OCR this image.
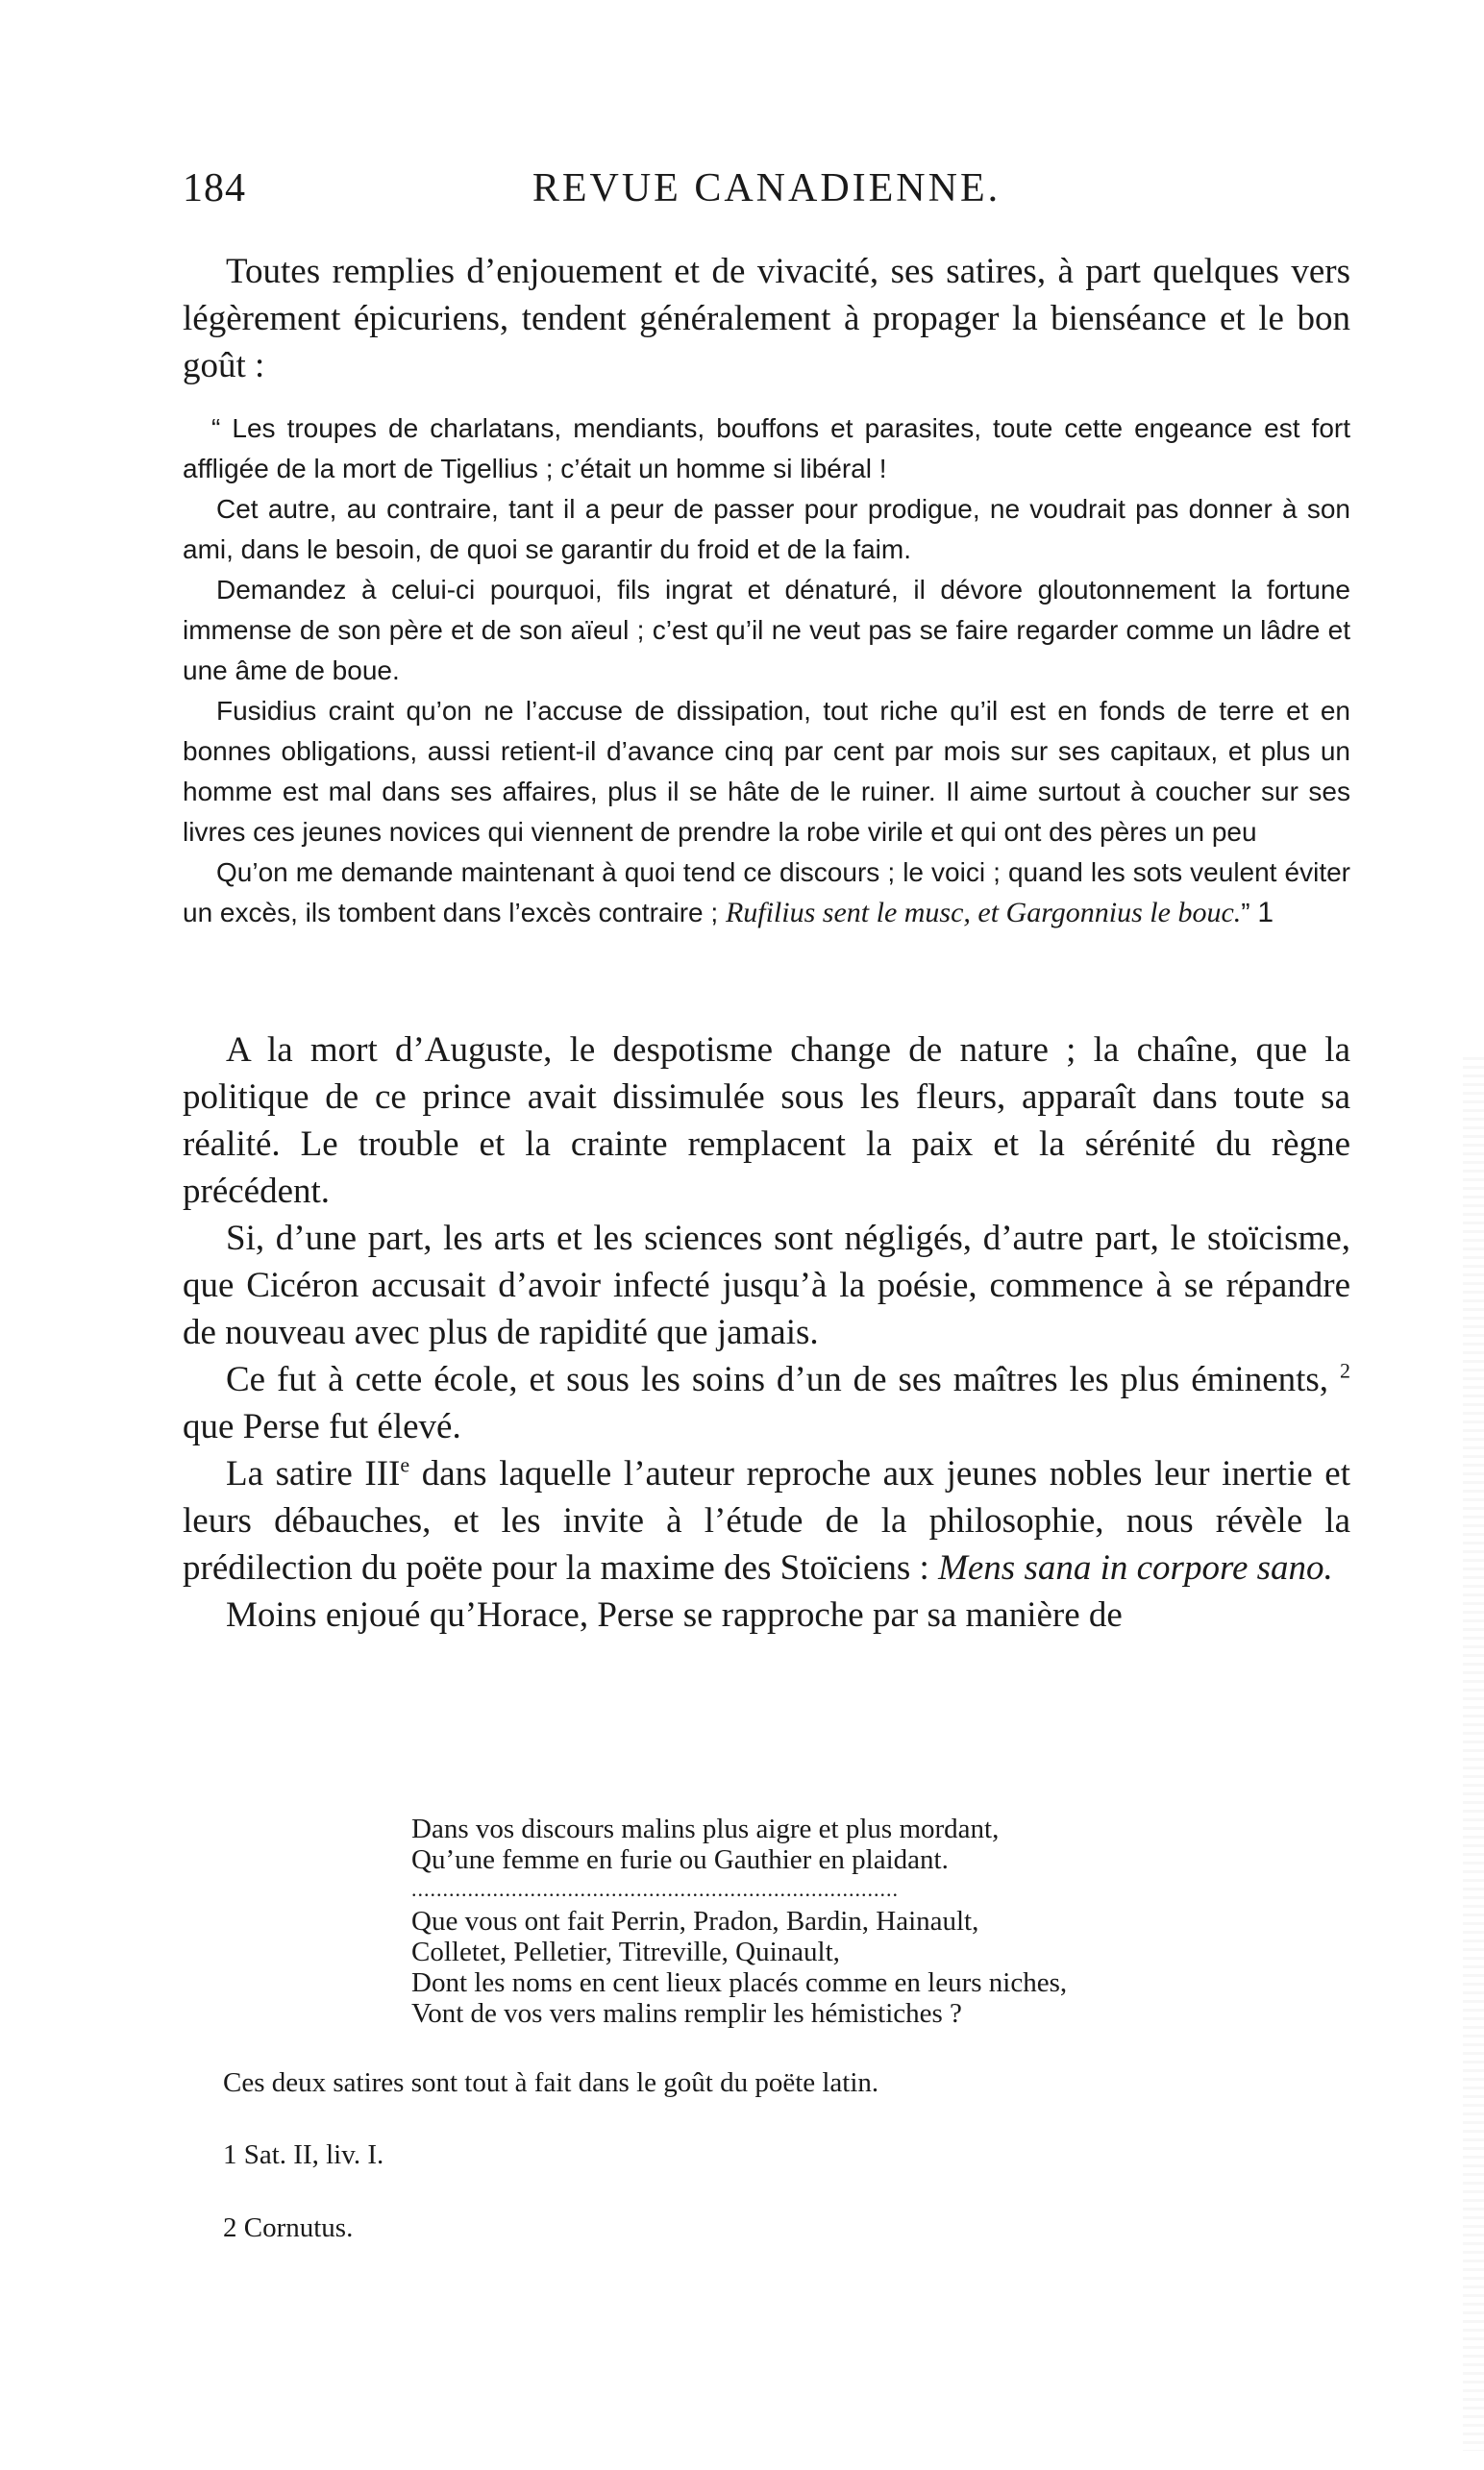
184	REVUE CANADIENNE.

Toutes remplies d’enjouement et de vivacité, ses satires, à part quelques vers légèrement épicuriens, tendent généralement à propager la bienséance et le bon goût :

“ Les troupes de charlatans, mendiants, bouffons et parasites, toute cette engeance est fort affligée de la mort de Tigellius ; c’était un homme si libéral !

Cet autre, au contraire, tant il a peur de passer pour prodigue, ne voudrait pas donner à son ami, dans le besoin, de quoi se garantir du froid et de la faim.

Demandez à celui-ci pourquoi, fils ingrat et dénaturé, il dévore gloutonnement la fortune immense de son père et de son aïeul ; c’est qu’il ne veut pas se faire regarder comme un lâdre et une âme de boue.

Fusidius craint qu’on ne l’accuse de dissipation, tout riche qu’il est en fonds de terre et en bonnes obligations, aussi retient-il d’avance cinq par cent par mois sur ses capitaux, et plus un homme est mal dans ses affaires, plus il se hâte de le ruiner. Il aime surtout à coucher sur ses livres ces jeunes novices qui viennent de prendre la robe virile et qui ont des pères un peu

Qu’on me demande maintenant à quoi tend ce discours ; le voici ; quand les sots veulent éviter un excès, ils tombent dans l’excès contraire ; Rufilius sent le musc, et Gargonnius le bouc.” 1

A la mort d’Auguste, le despotisme change de nature ; la chaîne, que la politique de ce prince avait dissimulée sous les fleurs, apparaît dans toute sa réalité. Le trouble et la crainte remplacent la paix et la sérénité du règne précédent.

Si, d’une part, les arts et les sciences sont négligés, d’autre part, le stoïcisme, que Cicéron accusait d’avoir infecté jusqu’à la poésie, commence à se répandre de nouveau avec plus de rapidité que jamais.

Ce fut à cette école, et sous les soins d’un de ses maîtres les plus éminents, $^2$ que Perse fut élevé.

La satire IIIe dans laquelle l’auteur reproche aux jeunes nobles leur inertie et leurs débauches, et les invite à l’étude de la philosophie, nous révèle la prédilection du poëte pour la maxime des Stoïciens : Mens sana in corpore sano.

Moins enjoué qu’Horace, Perse se rapproche par sa manière de

Dans vos discours malins plus aigre et plus mordant,

Qu’une femme en furie ou Gauthier en plaidant.

..............................................................................

Que vous ont fait Perrin, Pradon, Bardin, Hainault,

Colletet, Pelletier, Titreville, Quinault,

Dont les noms en cent lieux placés comme en leurs niches,

Vont de vos vers malins remplir les hémistiches ?

Ces deux satires sont tout à fait dans le goût du poëte latin.

1 Sat. II, liv. I.

2 Cornutus.
